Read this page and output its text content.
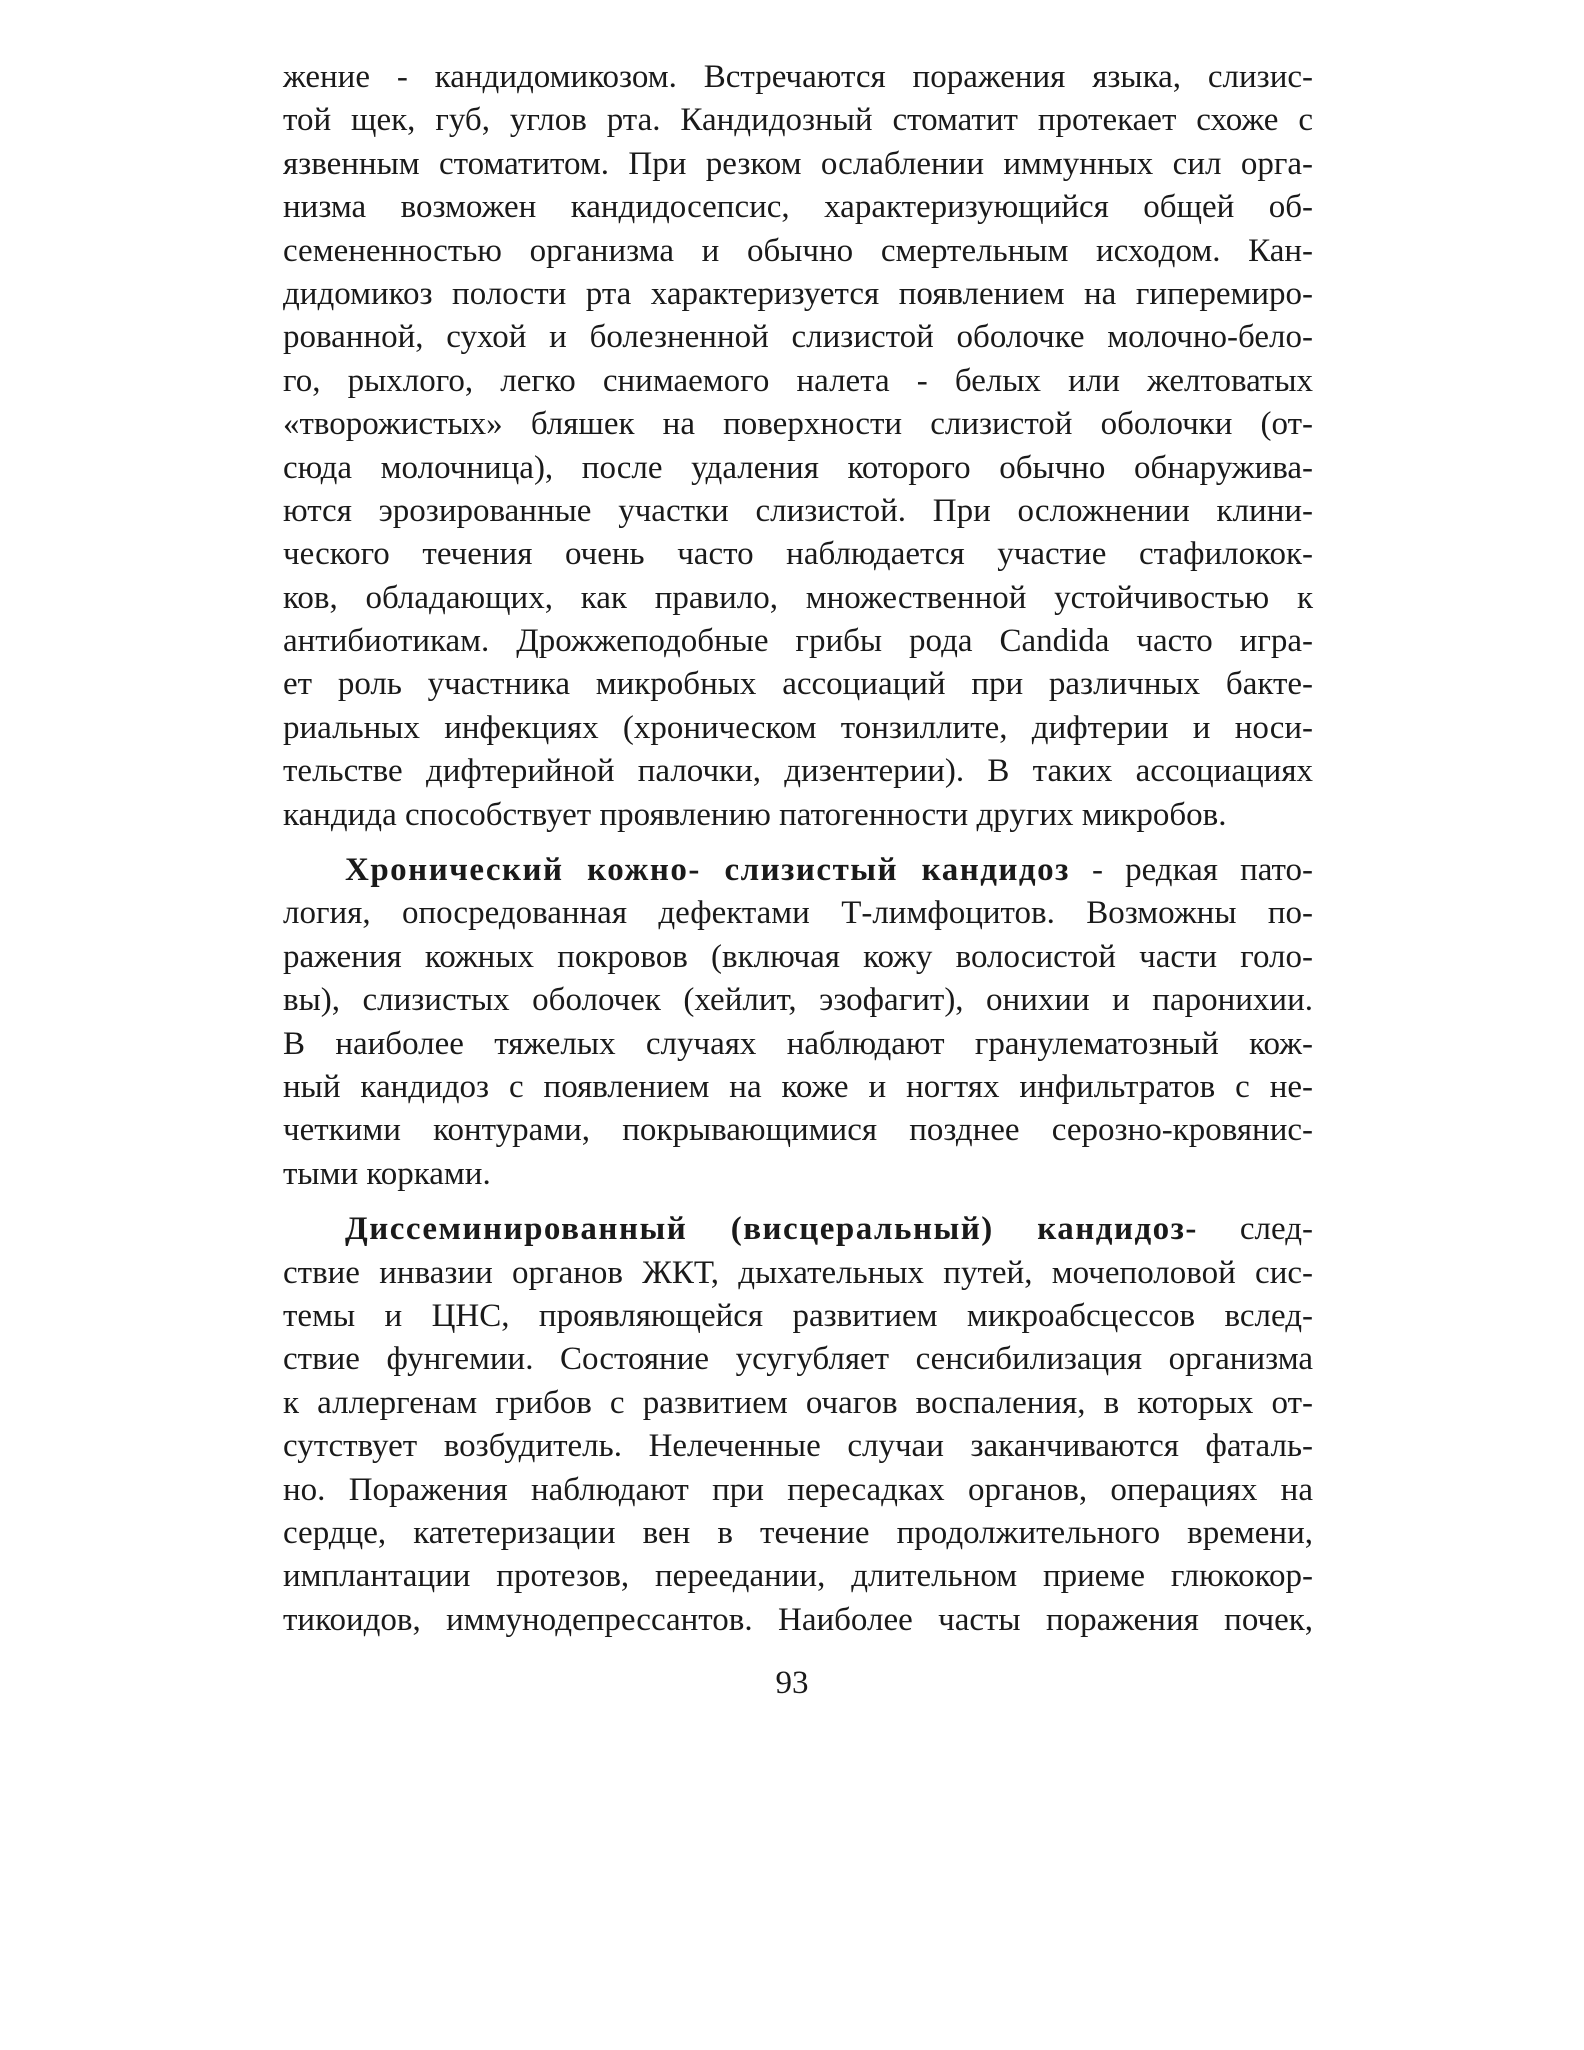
жение - кандидомикозом. Встречаются поражения языка, слизис-
той щек, губ, углов рта. Кандидозный стоматит протекает схоже с
язвенным стоматитом. При резком ослаблении иммунных сил орга-
низма возможен кандидосепсис, характеризующийся общей об-
семененностью организма и обычно смертельным исходом. Кан-
дидомикоз полости рта характеризуется появлением на гиперемиро-
рованной, сухой и болезненной слизистой оболочке молочно-бело-
го, рыхлого, легко снимаемого налета - белых или желтоватых
«творожистых» бляшек на поверхности слизистой оболочки (от-
сюда молочница), после удаления которого обычно обнаружива-
ются эрозированные участки слизистой. При осложнении клини-
ческого течения очень часто наблюдается участие стафилокок-
ков, обладающих, как правило, множественной устойчивостью к
антибиотикам. Дрожжеподобные грибы рода Candida часто игра-
ет роль участника микробных ассоциаций при различных бакте-
риальных инфекциях (хроническом тонзиллите, дифтерии и носи-
тельстве дифтерийной палочки, дизентерии). В таких ассоциациях
кандида способствует проявлению патогенности других микробов.
Хронический кожно- слизистый кандидоз - редкая пато-
логия, опосредованная дефектами Т-лимфоцитов. Возможны по-
ражения кожных покровов (включая кожу волосистой части голо-
вы), слизистых оболочек (хейлит, эзофагит), онихии и паронихии.
В наиболее тяжелых случаях наблюдают гранулематозный кож-
ный кандидоз с появлением на коже и ногтях инфильтратов с не-
четкими контурами, покрывающимися позднее серозно-кровянис-
тыми корками.
Диссеминированный (висцеральный) кандидоз- след-
ствие инвазии органов ЖКТ, дыхательных путей, мочеполовой сис-
темы и ЦНС, проявляющейся развитием микроабсцессов вслед-
ствие фунгемии. Состояние усугубляет сенсибилизация организма
к аллергенам грибов с развитием очагов воспаления, в которых от-
сутствует возбудитель. Нелеченные случаи заканчиваются фаталь-
но. Поражения наблюдают при пересадках органов, операциях на
сердце, катетеризации вен в течение продолжительного времени,
имплантации протезов, переедании, длительном приеме глюкокор-
тикоидов, иммунодепрессантов. Наиболее часты поражения почек,
93
